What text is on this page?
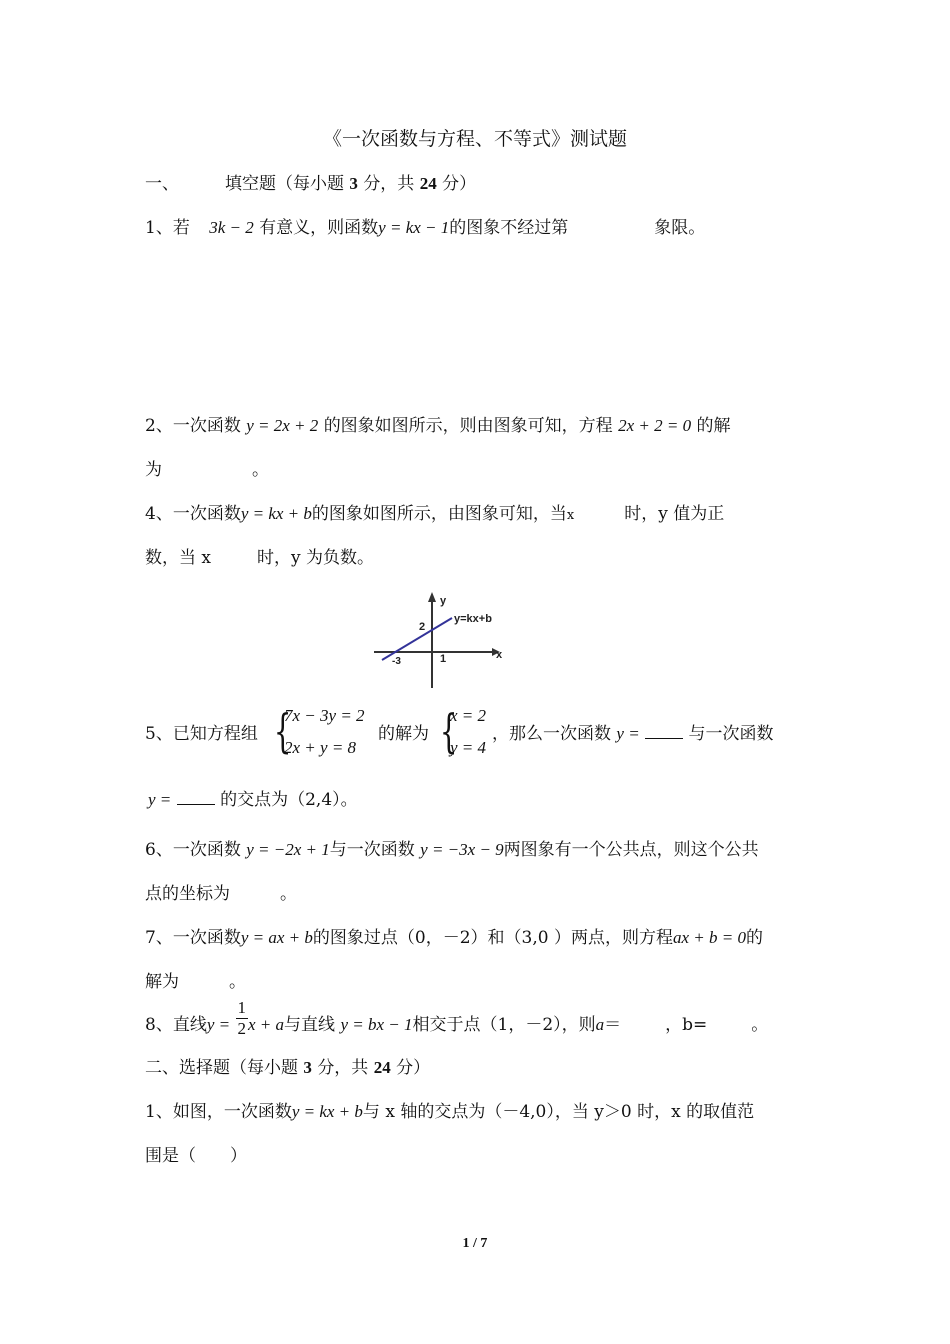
《一次函数与方程、不等式》测试题
一、	填空题（每小题 3 分，共 24 分）
1、若 3k − 2 有意义，则函数y = kx − 1的图象不经过第	象限。
2、一次函数 y = 2x + 2 的图象如图所示，则由图象可知，方程 2x + 2 = 0 的解
为	。
4、一次函数y = kx + b的图象如图所示，由图象可知，当x	时，y 值为正
数，当 x	时，y 为负数。
y
x
y=kx+b
2
-3	1
5、已知方程组 {
7x − 3y = 2
2x + y = 8
的解为 {
x = 2
y = 4
，那么一次函数 y =	与一次函数
y =	的交点为（2,4）。
6、一次函数 y = −2x + 1与一次函数 y = −3x − 9两图象有一个公共点，则这个公共
点的坐标为	。
7、一次函数y = ax + b的图象过点（0，－2）和（3,0 ）两点，则方程ax + b = 0的
解为	。
8、直线$y = \frac{1}{2}$ x + a与直线 y = bx − 1相交于点（1，－2），则a＝	，b=	。
二、选择题（每小题 3 分，共 24 分）
1、如图，一次函数y = kx + b与 x 轴的交点为（－4,0），当 y＞0 时，x 的取值范
围是（　　）
1 / 7
